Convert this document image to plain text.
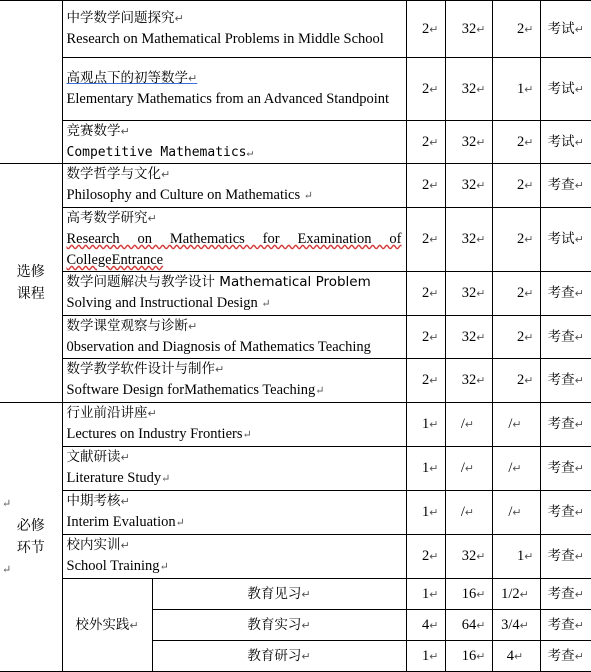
	中学数学问题探究↵
Research on Mathematical Problems in Middle School		2↵	32↵	2↵	考试↵

	高观点下的初等数学↵
Elementary Mathematics from an Advanced Standpoint		2↵	32↵	1↵	考试↵

	竞赛数学↵
Competitive Mathematics↵		2↵	32↵	2↵	考试↵
选修课程	数学哲学与文化↵
Philosophy and Culture on Mathematics ↵		2↵	32↵	2↵	考查↵

	高考数学研究↵
Research on Mathematics for Examination of CollegeEntrance		2↵	32↵	2↵	考试↵

	数学问题解决与教学设计 Mathematical Problem
Solving and Instructional Design ↵		2↵	32↵	2↵	考查↵

	数学课堂观察与诊断↵
0bservation and Diagnosis of Mathematics Teaching		2↵	32↵	2↵	考查↵

	数学教学软件设计与制作↵
Software Design forMathematics Teaching↵		2↵	32↵	2↵	考查↵

↵
必修环节
↵	行业前沿讲座↵
Lectures on Industry Frontiers↵		1↵	/↵	/↵	考查↵

	文献研读↵
Literature Study↵		1↵	/↵	/↵	考查↵

	中期考核↵
Interim Evaluation↵		1↵	/↵	/↵	考查↵

	校内实训↵
School Training↵		2↵	32↵	1↵	考查↵
	校外实践↵	教育见习↵	1↵	16↵	1/2↵	考查↵
		教育实习↵	4↵	64↵	3/4↵	考查↵
		教育研习↵	1↵	16↵	4↵	考查↵
